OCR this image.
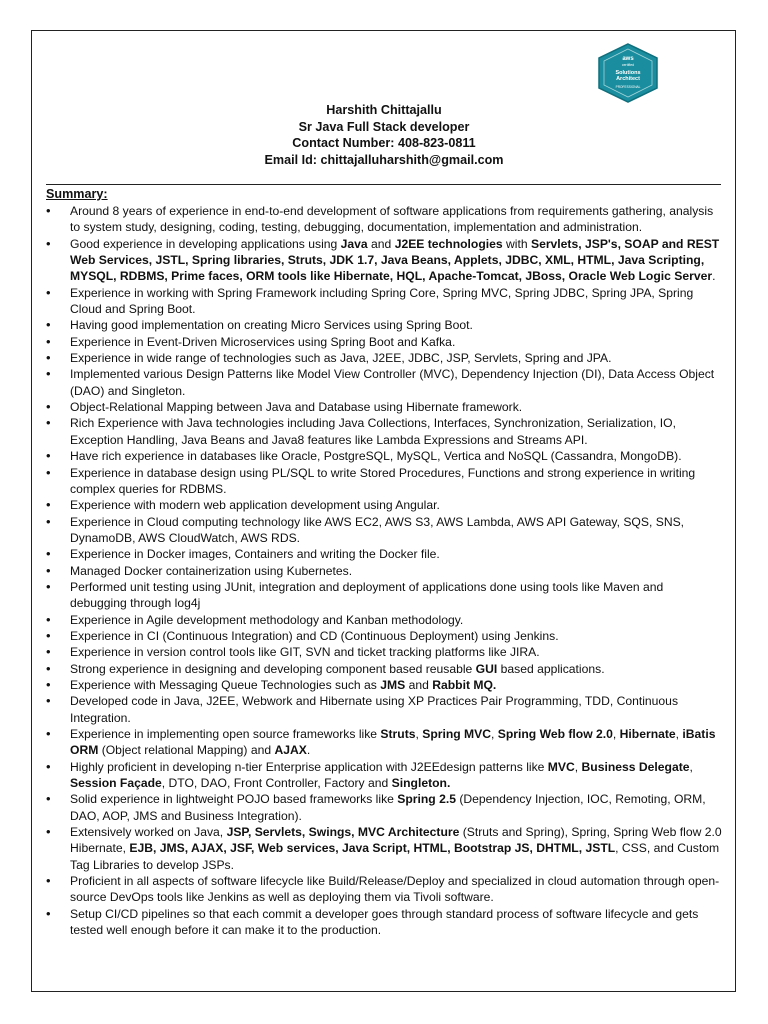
aws
certified
Solutions
Architect
PROFESSIONAL
Harshith Chittajallu
Sr Java Full Stack developer
Contact Number: 408-823-0811
Email Id: chittajalluharshith@gmail.com
Summary:
• Around 8 years of experience in end-to-end development of software applications from requirements gathering, analysis to system study, designing, coding, testing, debugging, documentation, implementation and administration.
• Good experience in developing applications using Java and J2EE technologies with Servlets, JSP's, SOAP and REST Web Services, JSTL, Spring libraries, Struts, JDK 1.7, Java Beans, Applets, JDBC, XML, HTML, Java Scripting, MYSQL, RDBMS, Prime faces, ORM tools like Hibernate, HQL, Apache-Tomcat, JBoss, Oracle Web Logic Server.
• Experience in working with Spring Framework including Spring Core, Spring MVC, Spring JDBC, Spring JPA, Spring Cloud and Spring Boot.
• Having good implementation on creating Micro Services using Spring Boot.
• Experience in Event-Driven Microservices using Spring Boot and Kafka.
• Experience in wide range of technologies such as Java, J2EE, JDBC, JSP, Servlets, Spring and JPA.
• Implemented various Design Patterns like Model View Controller (MVC), Dependency Injection (DI), Data Access Object (DAO) and Singleton.
• Object-Relational Mapping between Java and Database using Hibernate framework.
• Rich Experience with Java technologies including Java Collections, Interfaces, Synchronization, Serialization, IO, Exception Handling, Java Beans and Java8 features like Lambda Expressions and Streams API.
• Have rich experience in databases like Oracle, PostgreSQL, MySQL, Vertica and NoSQL (Cassandra, MongoDB).
• Experience in database design using PL/SQL to write Stored Procedures, Functions and strong experience in writing complex queries for RDBMS.
• Experience with modern web application development using Angular.
• Experience in Cloud computing technology like AWS EC2, AWS S3, AWS Lambda, AWS API Gateway, SQS, SNS, DynamoDB, AWS CloudWatch, AWS RDS.
• Experience in Docker images, Containers and writing the Docker file.
• Managed Docker containerization using Kubernetes.
• Performed unit testing using JUnit, integration and deployment of applications done using tools like Maven and debugging through log4j
• Experience in Agile development methodology and Kanban methodology.
• Experience in CI (Continuous Integration) and CD (Continuous Deployment) using Jenkins.
• Experience in version control tools like GIT, SVN and ticket tracking platforms like JIRA.
• Strong experience in designing and developing component based reusable GUI based applications.
• Experience with Messaging Queue Technologies such as JMS and Rabbit MQ.
• Developed code in Java, J2EE, Webwork and Hibernate using XP Practices Pair Programming, TDD, Continuous Integration.
• Experience in implementing open source frameworks like Struts, Spring MVC, Spring Web flow 2.0, Hibernate, iBatis ORM (Object relational Mapping) and AJAX.
• Highly proficient in developing n-tier Enterprise application with J2EEdesign patterns like MVC, Business Delegate, Session Façade, DTO, DAO, Front Controller, Factory and Singleton.
• Solid experience in lightweight POJO based frameworks like Spring 2.5 (Dependency Injection, IOC, Remoting, ORM, DAO, AOP, JMS and Business Integration).
• Extensively worked on Java, JSP, Servlets, Swings, MVC Architecture (Struts and Spring), Spring, Spring Web flow 2.0 Hibernate, EJB, JMS, AJAX, JSF, Web services, Java Script, HTML, Bootstrap JS, DHTML, JSTL, CSS, and Custom Tag Libraries to develop JSPs.
• Proficient in all aspects of software lifecycle like Build/Release/Deploy and specialized in cloud automation through open-source DevOps tools like Jenkins as well as deploying them via Tivoli software.
• Setup CI/CD pipelines so that each commit a developer goes through standard process of software lifecycle and gets tested well enough before it can make it to the production.
